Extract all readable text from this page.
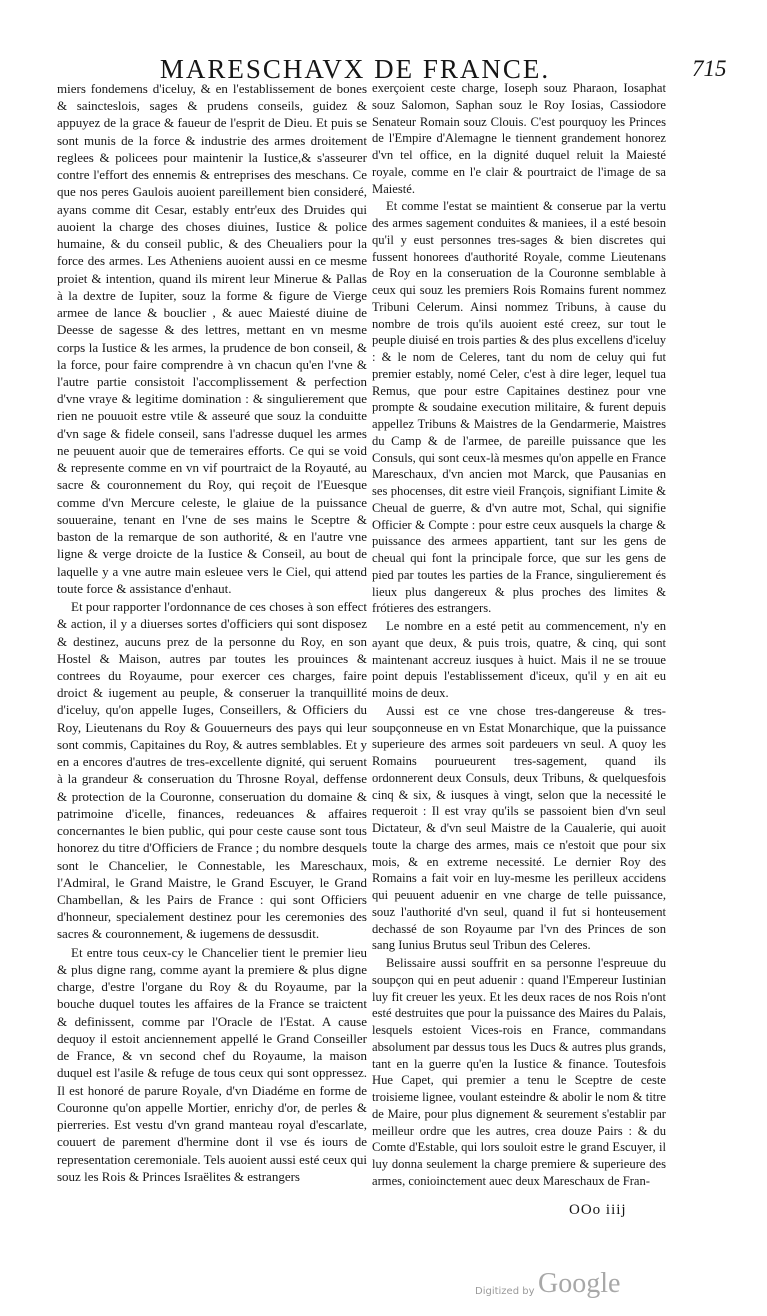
MARESCHAVX DE FRANCE.	715

miers fondemens d'iceluy, & en l'establissement de bones & saincteslois, sages & prudens conseils, guidez & appuyez de la grace & faueur de l'esprit de Dieu. Et puis se sont munis de la force & industrie des armes droitement reglees & policees pour maintenir la Iustice,& s'asseurer contre l'effort des ennemis & entreprises des meschans. Ce que nos peres Gaulois auoient pareillement bien consideré, ayans comme dit Cesar, estably entr'eux des Druides qui auoient la charge des choses diuines, Iustice & police humaine, & du conseil public, & des Cheualiers pour la force des armes. Les Atheniens auoient aussi en ce mesme proiet & intention, quand ils mirent leur Minerue & Pallas à la dextre de Iupiter, souz la forme & figure de Vierge armee de lance & bouclier , & auec Maiesté diuine de Deesse de sagesse & des lettres, mettant en vn mesme corps la Iustice & les armes, la prudence de bon conseil, & la force, pour faire comprendre à vn chacun qu'en l'vne & l'autre partie consistoit l'accomplissement & perfection d'vne vraye & legitime domination : & singulierement que rien ne pouuoit estre vtile & asseuré que souz la conduitte d'vn sage & fidele conseil, sans l'adresse duquel les armes ne peuuent auoir que de temeraires efforts. Ce qui se void & represente comme en vn vif pourtraict de la Royauté, au sacre & couronnement du Roy, qui reçoit de l'Euesque comme d'vn Mercure celeste, le glaiue de la puissance souueraine, tenant en l'vne de ses mains le Sceptre & baston de la remarque de son authorité, & en l'autre vne ligne & verge droicte de la Iustice & Conseil, au bout de laquelle y a vne autre main esleuee vers le Ciel, qui attend toute force & assistance d'enhaut.

Et pour rapporter l'ordonnance de ces choses à son effect & action, il y a diuerses sortes d'officiers qui sont disposez & destinez, aucuns prez de la personne du Roy, en son Hostel & Maison, autres par toutes les prouinces & contrees du Royaume, pour exercer ces charges, faire droict & iugement au peuple, & conseruer la tranquillité d'iceluy, qu'on appelle Iuges, Conseillers, & Officiers du Roy, Lieutenans du Roy & Gouuerneurs des pays qui leur sont commis, Capitaines du Roy, & autres semblables. Et y en a encores d'autres de tres-excellente dignité, qui seruent à la grandeur & conseruation du Throsne Royal, deffense & protection de la Couronne, conseruation du domaine & patrimoine d'icelle, finances, redeuances & affaires concernantes le bien public, qui pour ceste cause sont tous honorez du titre d'Officiers de France ; du nombre desquels sont le Chancelier, le Connestable, les Mareschaux, l'Admiral, le Grand Maistre, le Grand Escuyer, le Grand Chambellan, & les Pairs de France : qui sont Officiers d'honneur, specialement destinez pour les ceremonies des sacres & couronnement, & iugemens de dessusdit.

Et entre tous ceux-cy le Chancelier tient le premier lieu & plus digne rang, comme ayant la premiere & plus digne charge, d'estre l'organe du Roy & du Royaume, par la bouche duquel toutes les affaires de la France se traictent & definissent, comme par l'Oracle de l'Estat. A cause dequoy il estoit anciennement appellé le Grand Conseiller de France, & vn second chef du Royaume, la maison duquel est l'asile & refuge de tous ceux qui sont oppressez. Il est honoré de parure Royale, d'vn Diadéme en forme de Couronne qu'on appelle Mortier, enrichy d'or, de perles & pierreries. Est vestu d'vn grand manteau royal d'escarlate, couuert de parement d'hermine dont il vse és iours de representation ceremoniale. Tels auoient aussi esté ceux qui souz les Rois & Princes Israëlites & estrangers

exerçoient ceste charge, Ioseph souz Pharaon, Iosaphat souz Salomon, Saphan souz le Roy Iosias, Cassiodore Senateur Romain souz Clouis. C'est pourquoy les Princes de l'Empire d'Alemagne le tiennent grandement honorez d'vn tel office, en la dignité duquel reluit la Maiesté royale, comme en l'e clair & pourtraict de l'image de sa Maiesté.

Et comme l'estat se maintient & conserue par la vertu des armes sagement conduites & maniees, il a esté besoin qu'il y eust personnes tres-sages & bien discretes qui fussent honorees d'authorité Royale, comme Lieutenans de Roy en la conseruation de la Couronne semblable à ceux qui souz les premiers Rois Romains furent nommez Tribuni Celerum. Ainsi nommez Tribuns, à cause du nombre de trois qu'ils auoient esté creez, sur tout le peuple diuisé en trois parties & des plus excellens d'iceluy : & le nom de Celeres, tant du nom de celuy qui fut premier estably, nomé Celer, c'est à dire leger, lequel tua Remus, que pour estre Capitaines destinez pour vne prompte & soudaine execution militaire, & furent depuis appellez Tribuns & Maistres de la Gendarmerie, Maistres du Camp & de l'armee, de pareille puissance que les Consuls, qui sont ceux-là mesmes qu'on appelle en France Mareschaux, d'vn ancien mot Marck, que Pausanias en ses phocenses, dit estre vieil François, signifiant Limite & Cheual de guerre, & d'vn autre mot, Schal, qui signifie Officier & Compte : pour estre ceux ausquels la charge & puissance des armees appartient, tant sur les gens de cheual qui font la principale force, que sur les gens de pied par toutes les parties de la France, singulierement és lieux plus dangereux & plus proches des limites & frótieres des estrangers.

Le nombre en a esté petit au commencement, n'y en ayant que deux, & puis trois, quatre, & cinq, qui sont maintenant accreuz iusques à huict. Mais il ne se trouue point depuis l'establissement d'iceux, qu'il y en ait eu moins de deux.

Aussi est ce vne chose tres-dangereuse & tres-soupçonneuse en vn Estat Monarchique, que la puissance superieure des armes soit pardeuers vn seul. A quoy les Romains pourueurent tres-sagement, quand ils ordonnerent deux Consuls, deux Tribuns, & quelquesfois cinq & six, & iusques à vingt, selon que la necessité le requeroit : Il est vray qu'ils se passoient bien d'vn seul Dictateur, & d'vn seul Maistre de la Caualerie, qui auoit toute la charge des armes, mais ce n'estoit que pour six mois, & en extreme necessité. Le dernier Roy des Romains a fait voir en luy-mesme les perilleux accidens qui peuuent aduenir en vne charge de telle puissance, souz l'authorité d'vn seul, quand il fut si honteusement dechassé de son Royaume par l'vn des Princes de son sang Iunius Brutus seul Tribun des Celeres.

Belissaire aussi souffrit en sa personne l'espreuue du soupçon qui en peut aduenir : quand l'Empereur Iustinian luy fit creuer les yeux. Et les deux races de nos Rois n'ont esté destruites que pour la puissance des Maires du Palais, lesquels estoient Vices-rois en France, commandans absolument par dessus tous les Ducs & autres plus grands, tant en la guerre qu'en la Iustice & finance. Toutesfois Hue Capet, qui premier a tenu le Sceptre de ceste troisieme lignee, voulant esteindre & abolir le nom & titre de Maire, pour plus dignement & seurement s'establir par meilleur ordre que les autres, crea douze Pairs : & du Comte d'Estable, qui lors souloit estre le grand Escuyer, il luy donna seulement la charge premiere & superieure des armes, conioinctement auec deux Mareschaux de Fran-

OOo iiij
Digitized by Google
